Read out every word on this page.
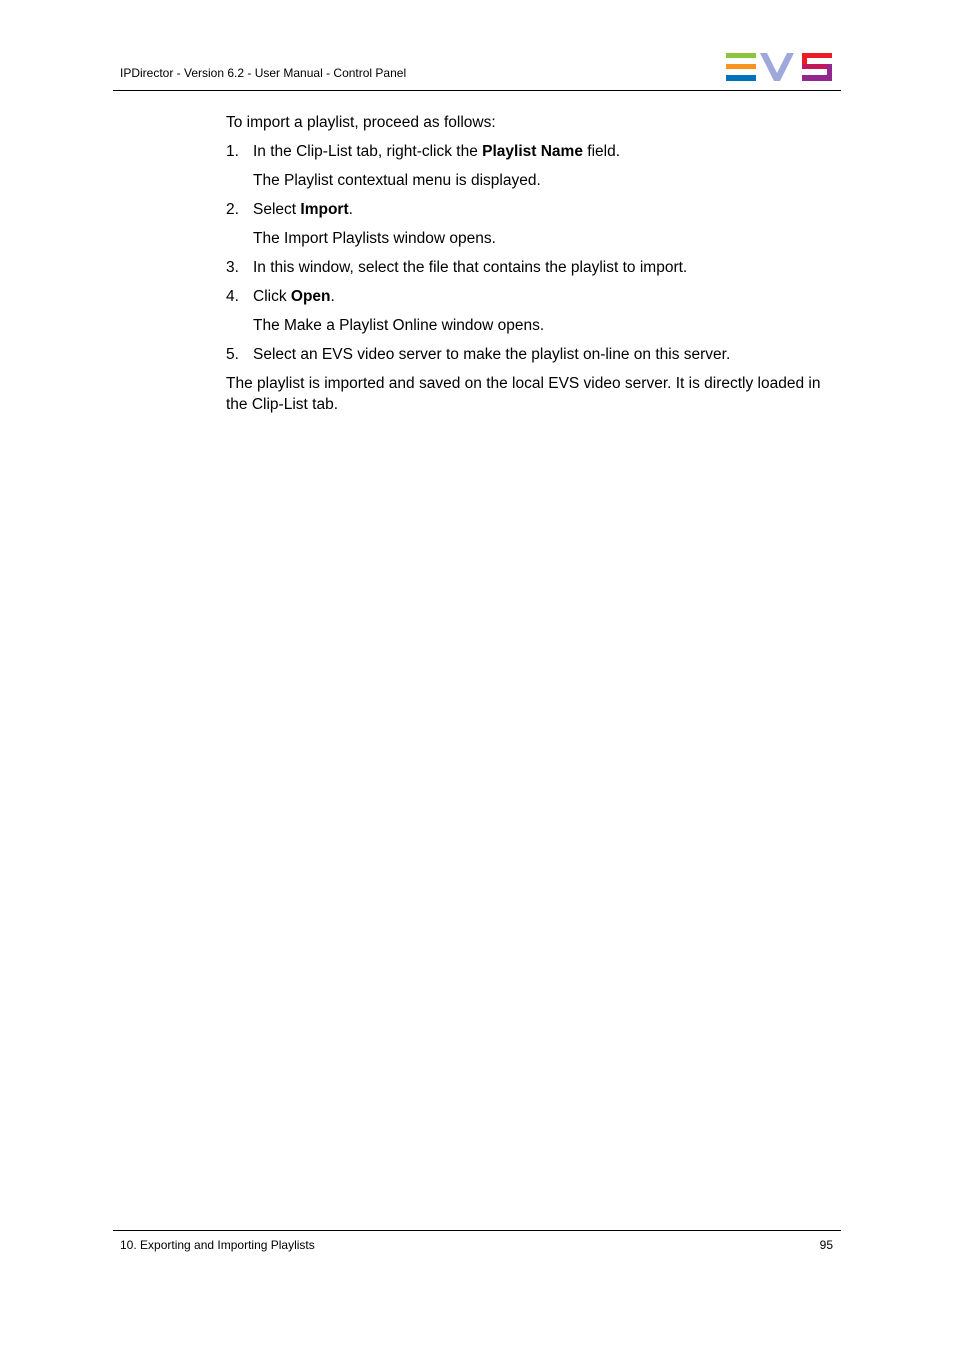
IPDirector - Version 6.2 - User Manual - Control Panel

To import a playlist, proceed as follows:

1. In the Clip-List tab, right-click the Playlist Name field.
The Playlist contextual menu is displayed.
2. Select Import.
The Import Playlists window opens.
3. In this window, select the file that contains the playlist to import.
4. Click Open.
The Make a Playlist Online window opens.
5. Select an EVS video server to make the playlist on-line on this server.

The playlist is imported and saved on the local EVS video server. It is directly loaded in the Clip-List tab.

10. Exporting and Importing Playlists	95
